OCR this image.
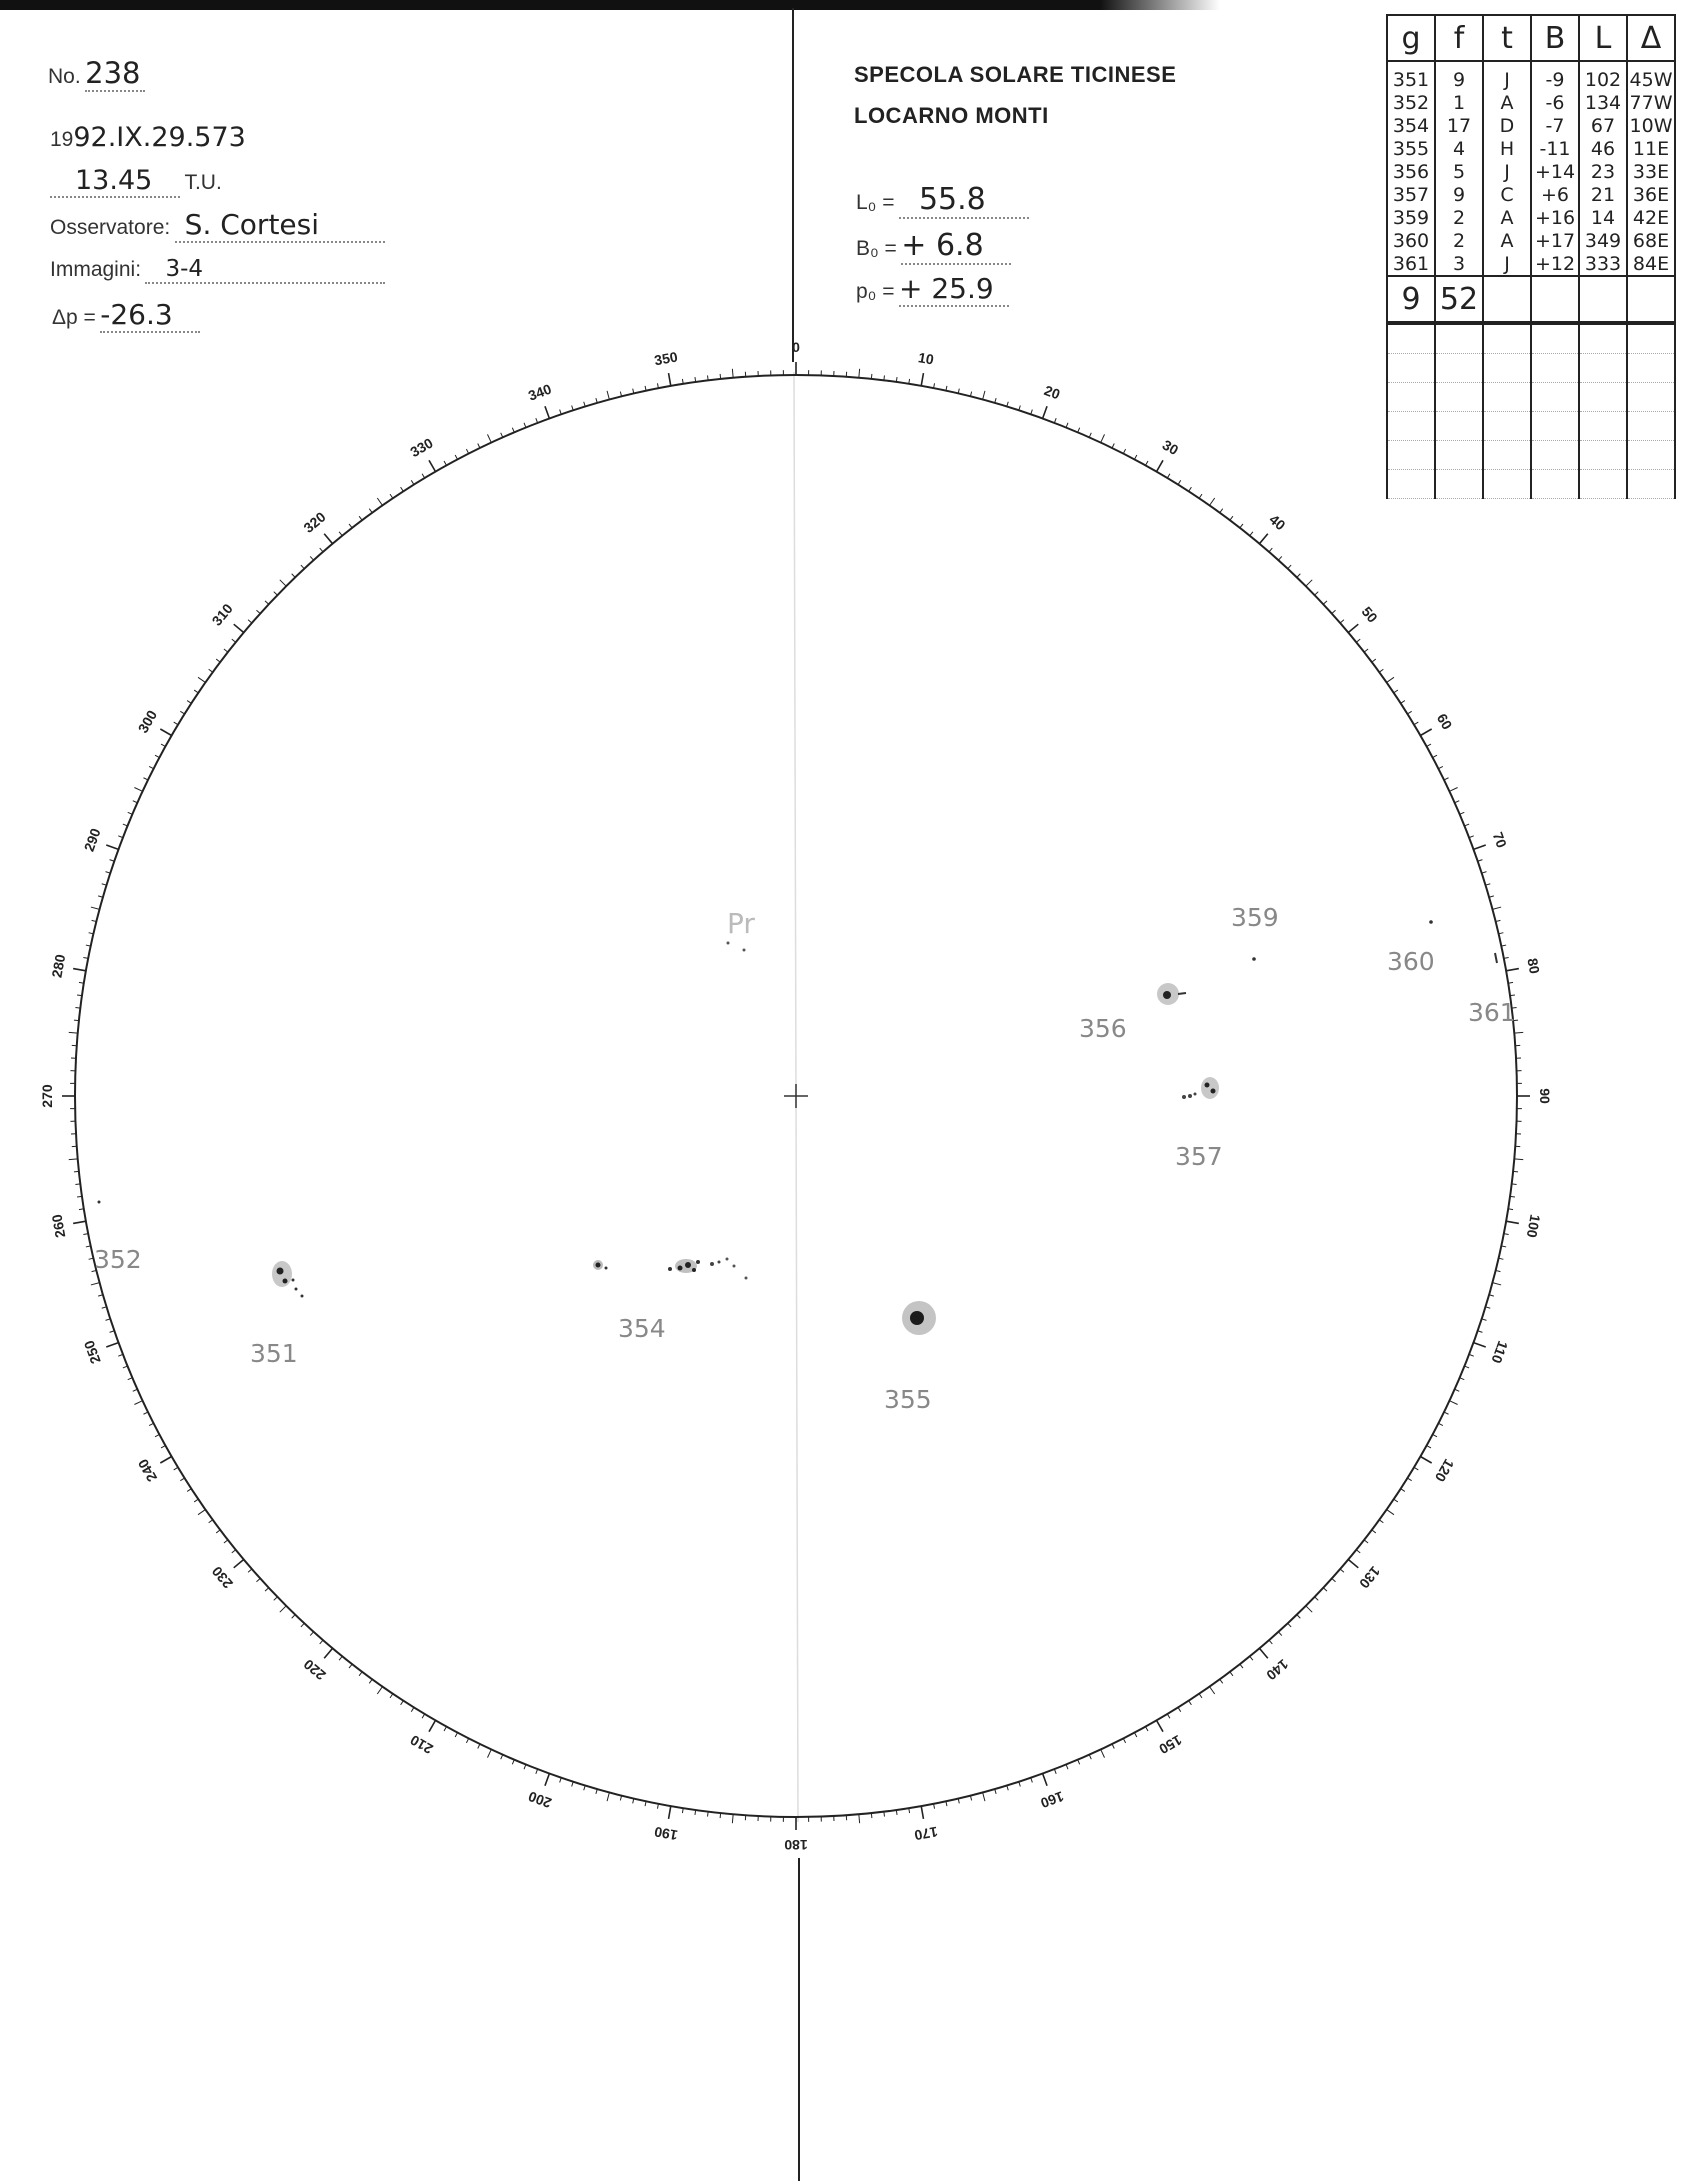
No. 238
1992.IX.29.573
13.45 T.U.
Osservatore: S. Cortesi
Immagini: 3-4
Δp = -26.3
SPECOLA SOLARE TICINESE
LOCARNO MONTI
L₀ = 55.8
B₀ = + 6.8
p₀ = + 25.9
0
10
20
30
40
50
60
70
80
90
100
110
120
130
140
150
160
170
180
190
200
210
220
230
240
250
260
270
280
290
300
310
320
330
340
350
Pr
351
352
354
355
356
357
359
360
361
g	f	t	B	L	Δ
351	9	J	-9	102	45W
352	1	A	-6	134	77W
354	17	D	-7	67	10W
355	4	H	-11	46	11E
356	5	J	+14	23	33E
357	9	C	+6	21	36E
359	2	A	+16	14	42E
360	2	A	+17	349	68E
361	3	J	+12	333	84E
9	52				
